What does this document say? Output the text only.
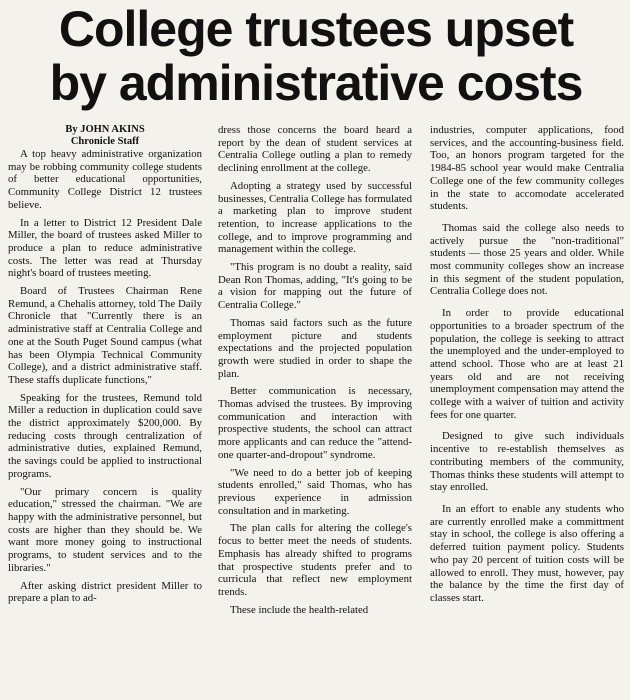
College trustees upset
by administrative costs
By JOHN AKINS
Chronicle Staff

A top heavy administrative organization may be robbing community college students of better educational opportunities, Community College District 12 trustees believe.

In a letter to District 12 President Dale Miller, the board of trustees asked Miller to produce a plan to reduce administrative costs. The letter was read at Thursday night's board of trustees meeting.

Board of Trustees Chairman Rene Remund, a Chehalis attorney, told The Daily Chronicle that "Currently there is an administrative staff at Centralia College and one at the South Puget Sound campus (what has been Olympia Technical Community College), and a district administrative staff. These staffs duplicate functions,"

Speaking for the trustees, Remund told Miller a reduction in duplication could save the district approximately $200,000. By reducing costs through centralization of administrative duties, explained Remund, the savings could be applied to instructional programs.

"Our primary concern is quality education," stressed the chairman. "We are happy with the administrative personnel, but costs are higher than they should be. We want more money going to instructional programs, to student services and to the libraries."

After asking district president Miller to prepare a plan to ad-

dress those concerns the board heard a report by the dean of student services at Centralia College outling a plan to remedy declining enrollment at the college.

Adopting a strategy used by successful businesses, Centralia College has formulated a marketing plan to improve student retention, to increase applications to the college, and to improve programming and management within the college.

"This program is no doubt a reality, said Dean Ron Thomas, adding, "It's going to be a vision for mapping out the future of Centralia College."

Thomas said factors such as the future employment picture and students expectations and the projected population growth were studied in order to shape the plan.

Better communication is necessary, Thomas advised the trustees. By improving communication and interaction with prospective students, the school can attract more applicants and can reduce the "attend-one quarter-and-dropout" syndrome.

"We need to do a better job of keeping students enrolled," said Thomas, who has previous experience in admission consultation and in marketing.

The plan calls for altering the college's focus to better meet the needs of students. Emphasis has already shifted to programs that prospective students prefer and to curricula that reflect new employment trends.

These include the health-related

industries, computer applications, food services, and the accounting-business field. Too, an honors program targeted for the 1984-85 school year would make Centralia College one of the few community colleges in the state to accomodate accelerated students.

Thomas said the college also needs to actively pursue the "non-traditional" students — those 25 years and older. While most community colleges show an increase in this segment of the student population, Centralia College does not.

In order to provide educational opportunities to a broader spectrum of the population, the college is seeking to attract the unemployed and the under-employed to attend school. Those who are at least 21 years old and are not receiving unemployment compensation may attend the college with a waiver of tuition and activity fees for one quarter.

Designed to give such individuals incentive to re-establish themselves as contributing members of the community, Thomas thinks these students will attempt to stay enrolled.

In an effort to enable any students who are currently enrolled make a committment stay in school, the college is also offering a deferred tuition payment policy. Students who pay 20 percent of tuition costs will be allowed to enroll. They must, however, pay the balance by the time the first day of classes start.
